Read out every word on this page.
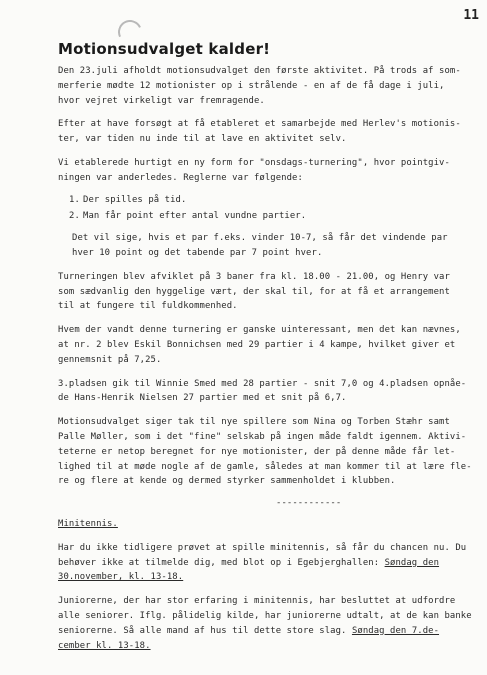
11
Motionsudvalget kalder!
Den 23.juli afholdt motionsudvalget den første aktivitet. På trods af som-
merferie mødte 12 motionister op i strålende - en af de få dage i juli,
hvor vejret virkeligt var fremragende.
Efter at have forsøgt at få etableret et samarbejde med Herlev's motionis-
ter, var tiden nu inde til at lave en aktivitet selv.
Vi etablerede hurtigt en ny form for "onsdags-turnering", hvor pointgiv-
ningen var anderledes. Reglerne var følgende:
1. Der spilles på tid.
2. Man får point efter antal vundne partier.
Det vil sige, hvis et par f.eks. vinder 10-7, så får det vindende par
hver 10 point og det tabende par 7 point hver.
Turneringen blev afviklet på 3 baner fra kl. 18.00 - 21.00, og Henry var
som sædvanlig den hyggelige vært, der skal til, for at få et arrangement
til at fungere til fuldkommenhed.
Hvem der vandt denne turnering er ganske uinteressant, men det kan nævnes,
at nr. 2 blev Eskil Bonnichsen med 29 partier i 4 kampe, hvilket giver et
gennemsnit på 7,25.
3.pladsen gik til Winnie Smed med 28 partier - snit 7,0 og 4.pladsen opnåe-
de Hans-Henrik Nielsen 27 partier med et snit på 6,7.
Motionsudvalget siger tak til nye spillere som Nina og Torben Stæhr samt
Palle Møller, som i det "fine" selskab på ingen måde faldt igennem. Aktivi-
teterne er netop beregnet for nye motionister, der på denne måde får let-
lighed til at møde nogle af de gamle, således at man kommer til at lære fle-
re og flere at kende og dermed styrker sammenholdet i klubben.
------------
Minitennis.
Har du ikke tidligere prøvet at spille minitennis, så får du chancen nu. Du
behøver ikke at tilmelde dig, med blot op i Egebjerghallen: Søndag den
30.november, kl. 13-18.
Juniorerne, der har stor erfaring i minitennis, har besluttet at udfordre
alle seniorer. Iflg. pålidelig kilde, har juniorerne udtalt, at de kan banke
seniorerne. Så alle mand af hus til dette store slag. Søndag den 7.de-
cember kl. 13-18.
